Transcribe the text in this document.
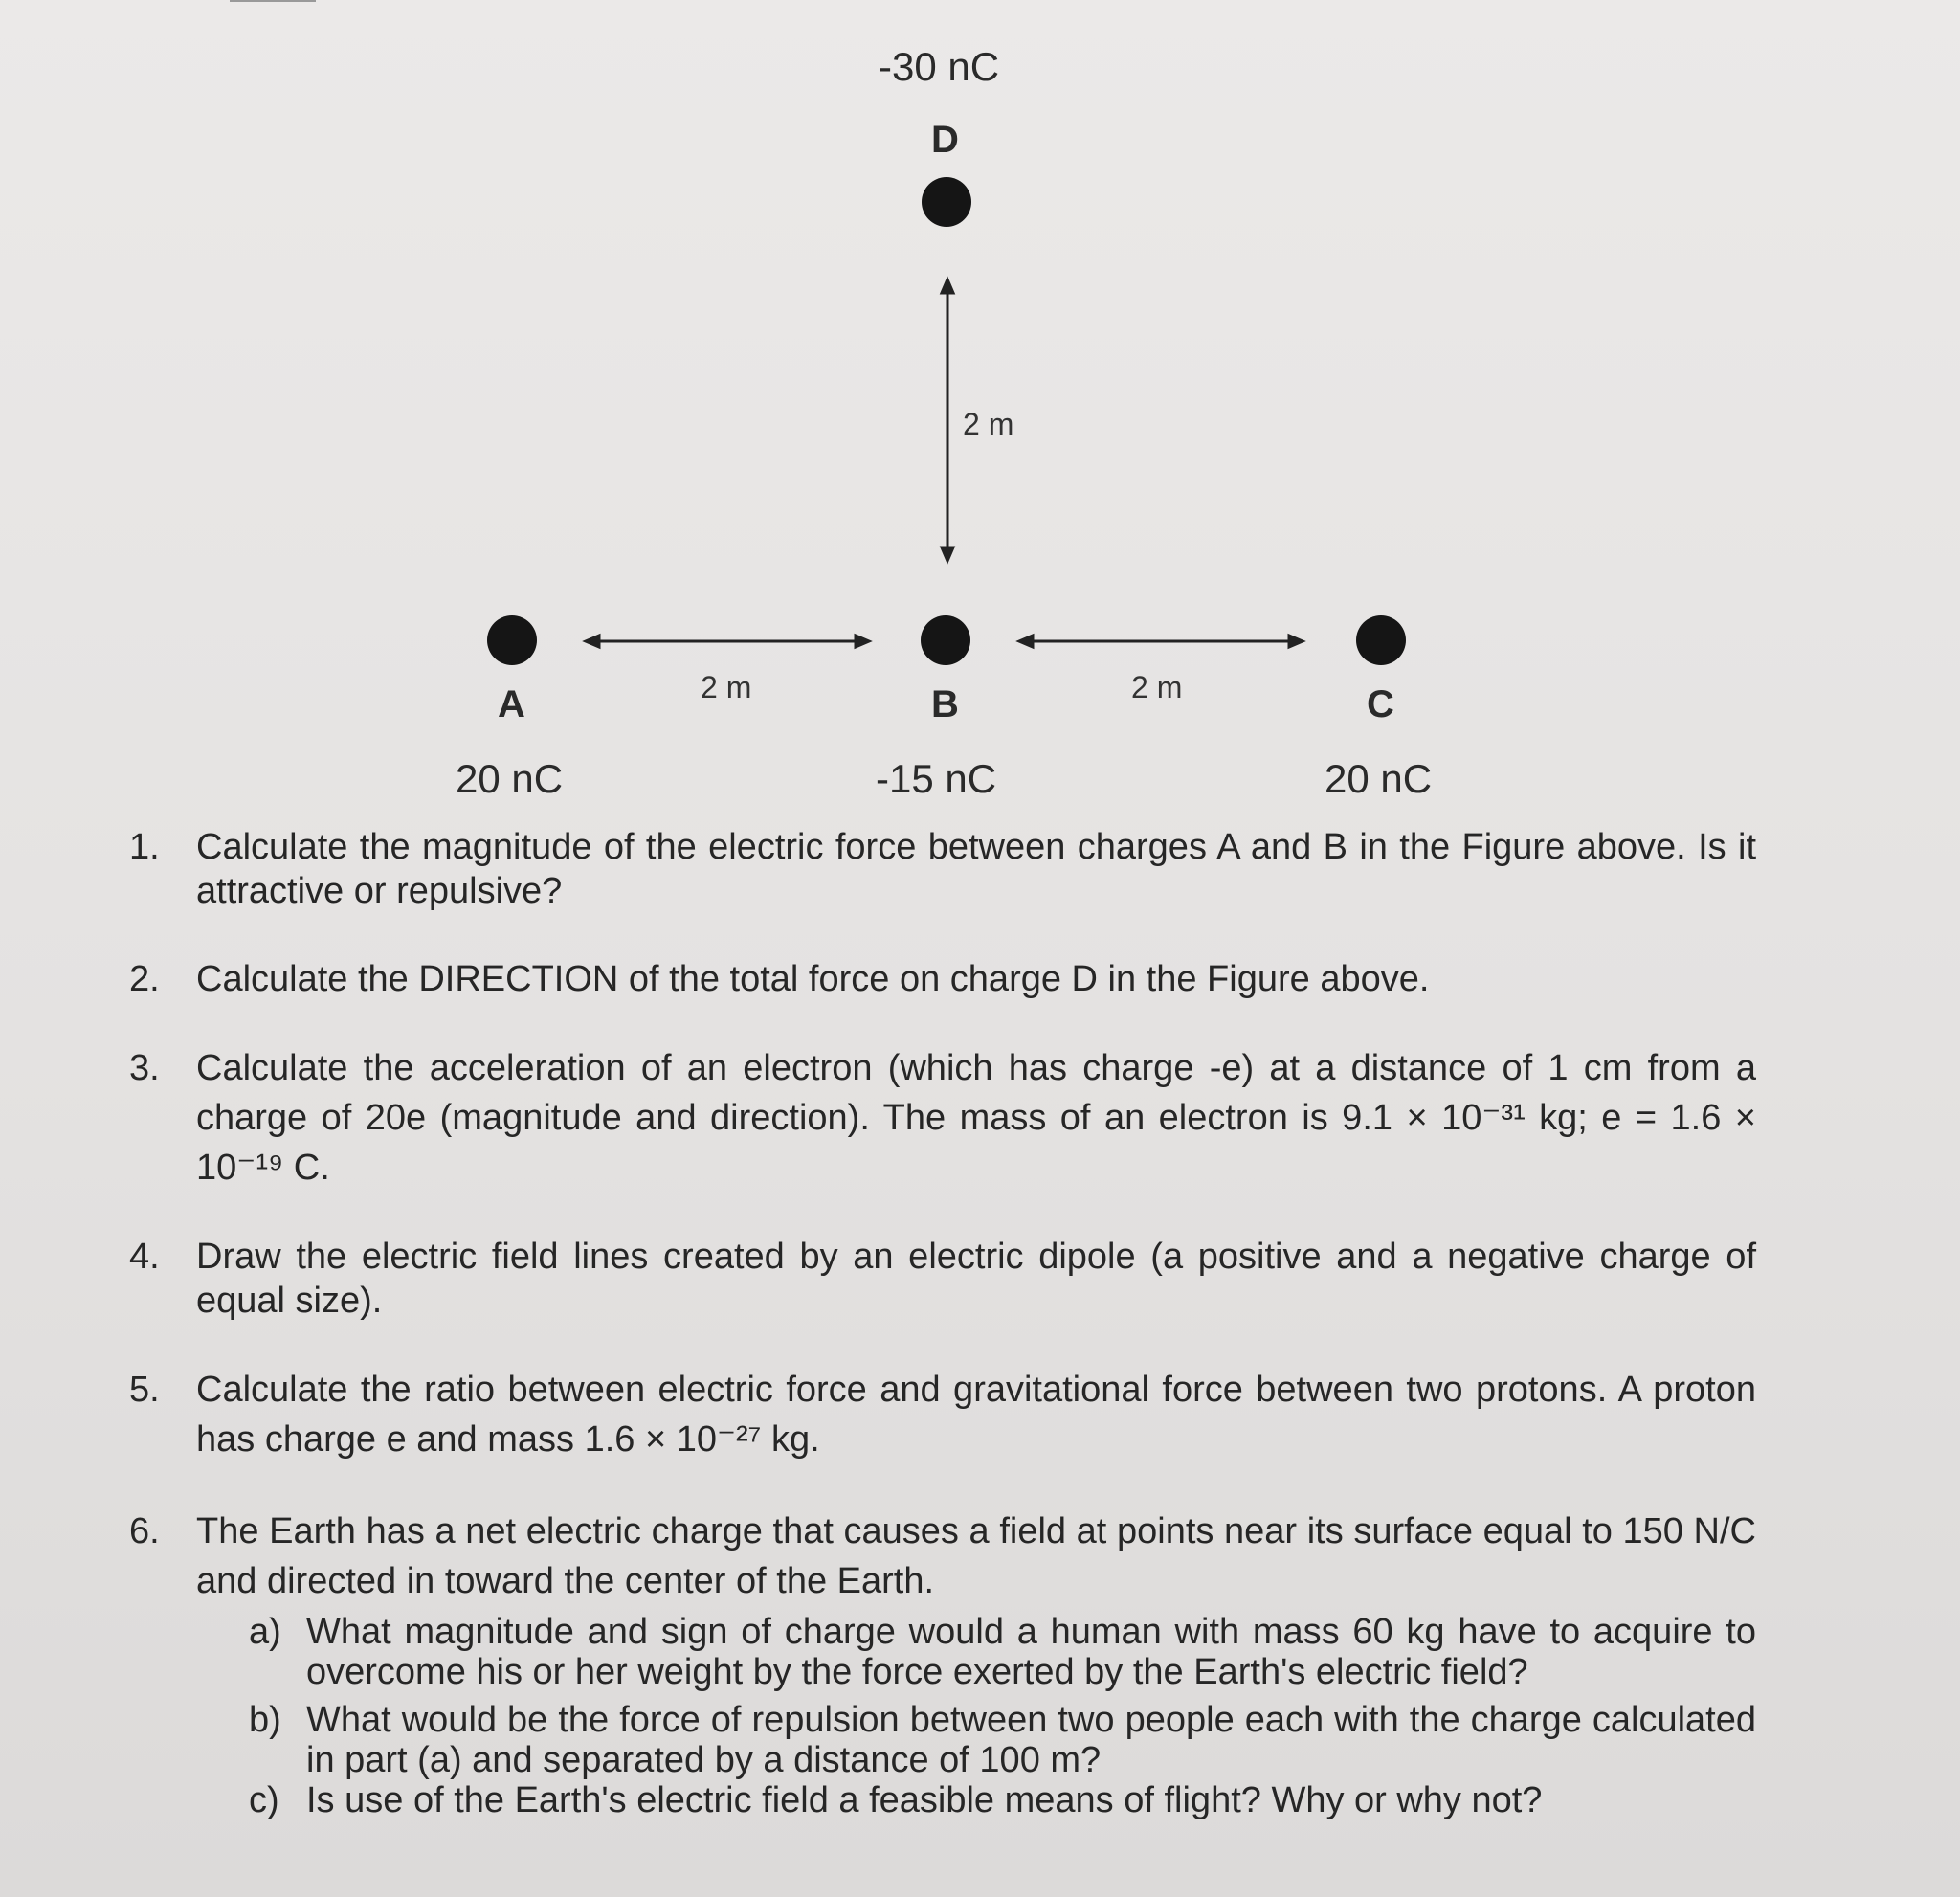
-30 nC
D
2 m
A	2 m	B	2 m	C
20 nC	-15 nC	20 nC
1.	Calculate the magnitude of the electric force between charges A and B in the Figure above. Is it attractive or repulsive?
2.	Calculate the DIRECTION of the total force on charge D in the Figure above.
3.	Calculate the acceleration of an electron (which has charge -e) at a distance of 1 cm from a charge of 20e (magnitude and direction). The mass of an electron is 9.1 × 10⁻³¹ kg; e = 1.6 × 10⁻¹⁹ C.
4.	Draw the electric field lines created by an electric dipole (a positive and a negative charge of equal size).
5.	Calculate the ratio between electric force and gravitational force between two protons. A proton has charge e and mass 1.6 × 10⁻²⁷ kg.
6.	The Earth has a net electric charge that causes a field at points near its surface equal to 150 N/C and directed in toward the center of the Earth.
a) What magnitude and sign of charge would a human with mass 60 kg have to acquire to overcome his or her weight by the force exerted by the Earth's electric field?
b) What would be the force of repulsion between two people each with the charge calculated in part (a) and separated by a distance of 100 m?
c) Is use of the Earth's electric field a feasible means of flight? Why or why not?
